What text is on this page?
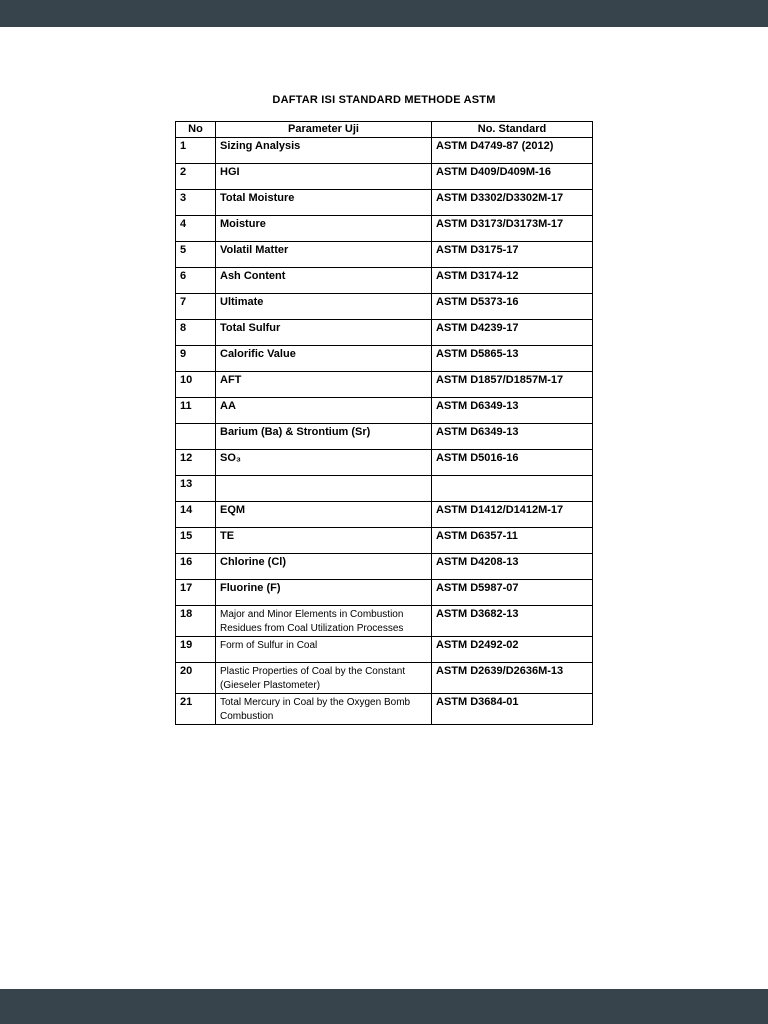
DAFTAR ISI STANDARD METHODE ASTM
No	Parameter Uji	No. Standard
1	Sizing Analysis	ASTM D4749-87 (2012)
2	HGI	ASTM D409/D409M-16
3	Total Moisture	ASTM D3302/D3302M-17
4	Moisture	ASTM D3173/D3173M-17
5	Volatil Matter	ASTM D3175-17
6	Ash Content	ASTM D3174-12
7	Ultimate	ASTM D5373-16
8	Total Sulfur	ASTM D4239-17
9	Calorific Value	ASTM D5865-13
10	AFT	ASTM D1857/D1857M-17
11	AA	ASTM D6349-13
	Barium (Ba) & Strontium (Sr)	ASTM D6349-13
12	SO₃	ASTM D5016-16
13		
14	EQM	ASTM D1412/D1412M-17
15	TE	ASTM D6357-11
16	Chlorine (Cl)	ASTM D4208-13
17	Fluorine (F)	ASTM D5987-07
18	Major and Minor Elements in Combustion Residues from Coal Utilization Processes	ASTM D3682-13
19	Form of Sulfur in Coal	ASTM D2492-02
20	Plastic Properties of Coal by the Constant (Gieseler Plastometer)	ASTM D2639/D2636M-13
21	Total Mercury in Coal by the Oxygen Bomb Combustion	ASTM D3684-01
